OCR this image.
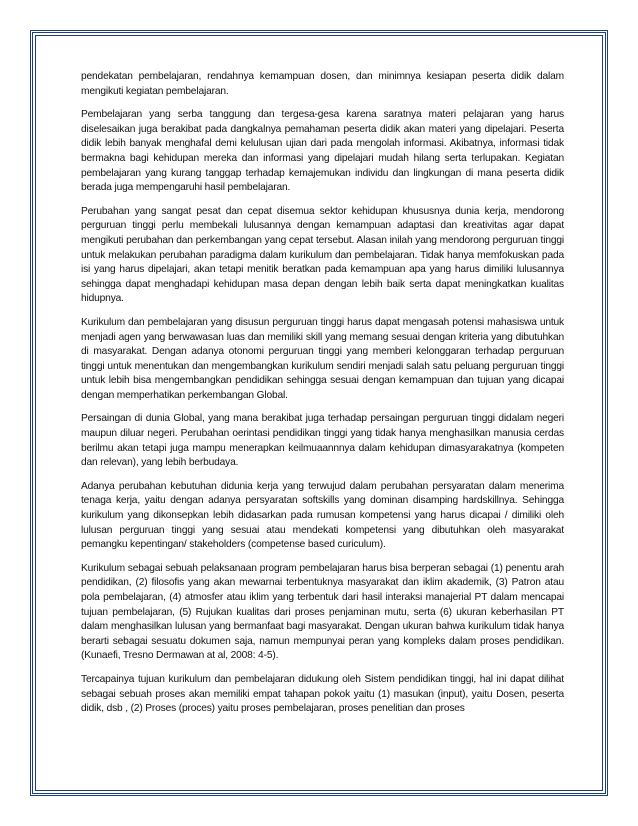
pendekatan pembelajaran, rendahnya kemampuan dosen, dan minimnya kesiapan peserta didik dalam mengikuti kegiatan pembelajaran.

Pembelajaran yang serba tanggung dan tergesa-gesa karena saratnya materi pelajaran yang harus diselesaikan juga berakibat pada dangkalnya pemahaman peserta didik akan materi yang dipelajari. Peserta didik lebih banyak menghafal demi kelulusan ujian dari pada mengolah informasi. Akibatnya, informasi tidak bermakna bagi kehidupan mereka dan informasi yang dipelajari mudah hilang serta terlupakan. Kegiatan pembelajaran yang kurang tanggap terhadap kemajemukan individu dan lingkungan di mana peserta didik berada juga mempengaruhi hasil pembelajaran.

Perubahan yang sangat pesat dan cepat disemua sektor kehidupan khususnya dunia kerja, mendorong perguruan tinggi perlu membekali lulusannya dengan kemampuan adaptasi dan kreativitas agar dapat mengikuti perubahan dan perkembangan yang cepat tersebut. Alasan inilah yang mendorong perguruan tinggi untuk melakukan perubahan paradigma dalam kurikulum dan pembelajaran. Tidak hanya memfokuskan pada isi yang harus dipelajari, akan tetapi menitik beratkan pada kemampuan apa yang harus dimiliki lulusannya sehingga dapat menghadapi kehidupan masa depan dengan lebih baik serta dapat meningkatkan kualitas hidupnya.

Kurikulum dan pembelajaran yang disusun perguruan tinggi harus dapat mengasah potensi mahasiswa untuk menjadi agen yang berwawasan luas dan memiliki skill yang memang sesuai dengan kriteria yang dibutuhkan di masyarakat. Dengan adanya otonomi perguruan tinggi yang memberi kelonggaran terhadap perguruan tinggi untuk menentukan dan mengembangkan kurikulum sendiri menjadi salah satu peluang perguruan tinggi untuk lebih bisa mengembangkan pendidikan sehingga sesuai dengan kemampuan dan tujuan yang dicapai dengan memperhatikan perkembangan Global.

Persaingan di dunia Global, yang mana berakibat juga terhadap persaingan perguruan tinggi didalam negeri maupun diluar negeri. Perubahan oerintasi pendidikan tinggi yang tidak hanya menghasilkan manusia cerdas berilmu akan tetapi juga mampu menerapkan keilmuaannnya dalam kehidupan dimasyarakatnya (kompeten dan relevan), yang lebih berbudaya.

Adanya perubahan kebutuhan didunia kerja yang terwujud dalam perubahan persyaratan dalam menerima tenaga kerja, yaitu dengan adanya persyaratan softskills yang dominan disamping hardskillnya. Sehingga kurikulum yang dikonsepkan lebih didasarkan pada rumusan kompetensi yang harus dicapai / dimiliki oleh lulusan perguruan tinggi yang sesuai atau mendekati kompetensi yang dibutuhkan oleh masyarakat pemangku kepentingan/ stakeholders (competense based curiculum).

Kurikulum sebagai sebuah pelaksanaan program pembelajaran harus bisa berperan sebagai (1) penentu arah pendidikan, (2) filosofis yang akan mewarnai terbentuknya masyarakat dan iklim akademik, (3) Patron atau pola pembelajaran, (4) atmosfer atau iklim yang terbentuk dari hasil interaksi manajerial PT dalam mencapai tujuan pembelajaran, (5) Rujukan kualitas dari proses penjaminan mutu, serta (6) ukuran keberhasilan PT dalam menghasilkan lulusan yang bermanfaat bagi masyarakat. Dengan ukuran bahwa kurikulum tidak hanya berarti sebagai sesuatu dokumen saja, namun mempunyai peran yang kompleks dalam proses pendidikan. (Kunaefi, Tresno Dermawan at al, 2008: 4-5).

Tercapainya tujuan kurikulum dan pembelajaran didukung oleh Sistem pendidikan tinggi, hal ini dapat dilihat sebagai sebuah proses akan memiliki empat tahapan pokok yaitu (1) masukan (input), yaitu Dosen, peserta didik, dsb , (2) Proses (proces) yaitu proses pembelajaran, proses penelitian dan proses
